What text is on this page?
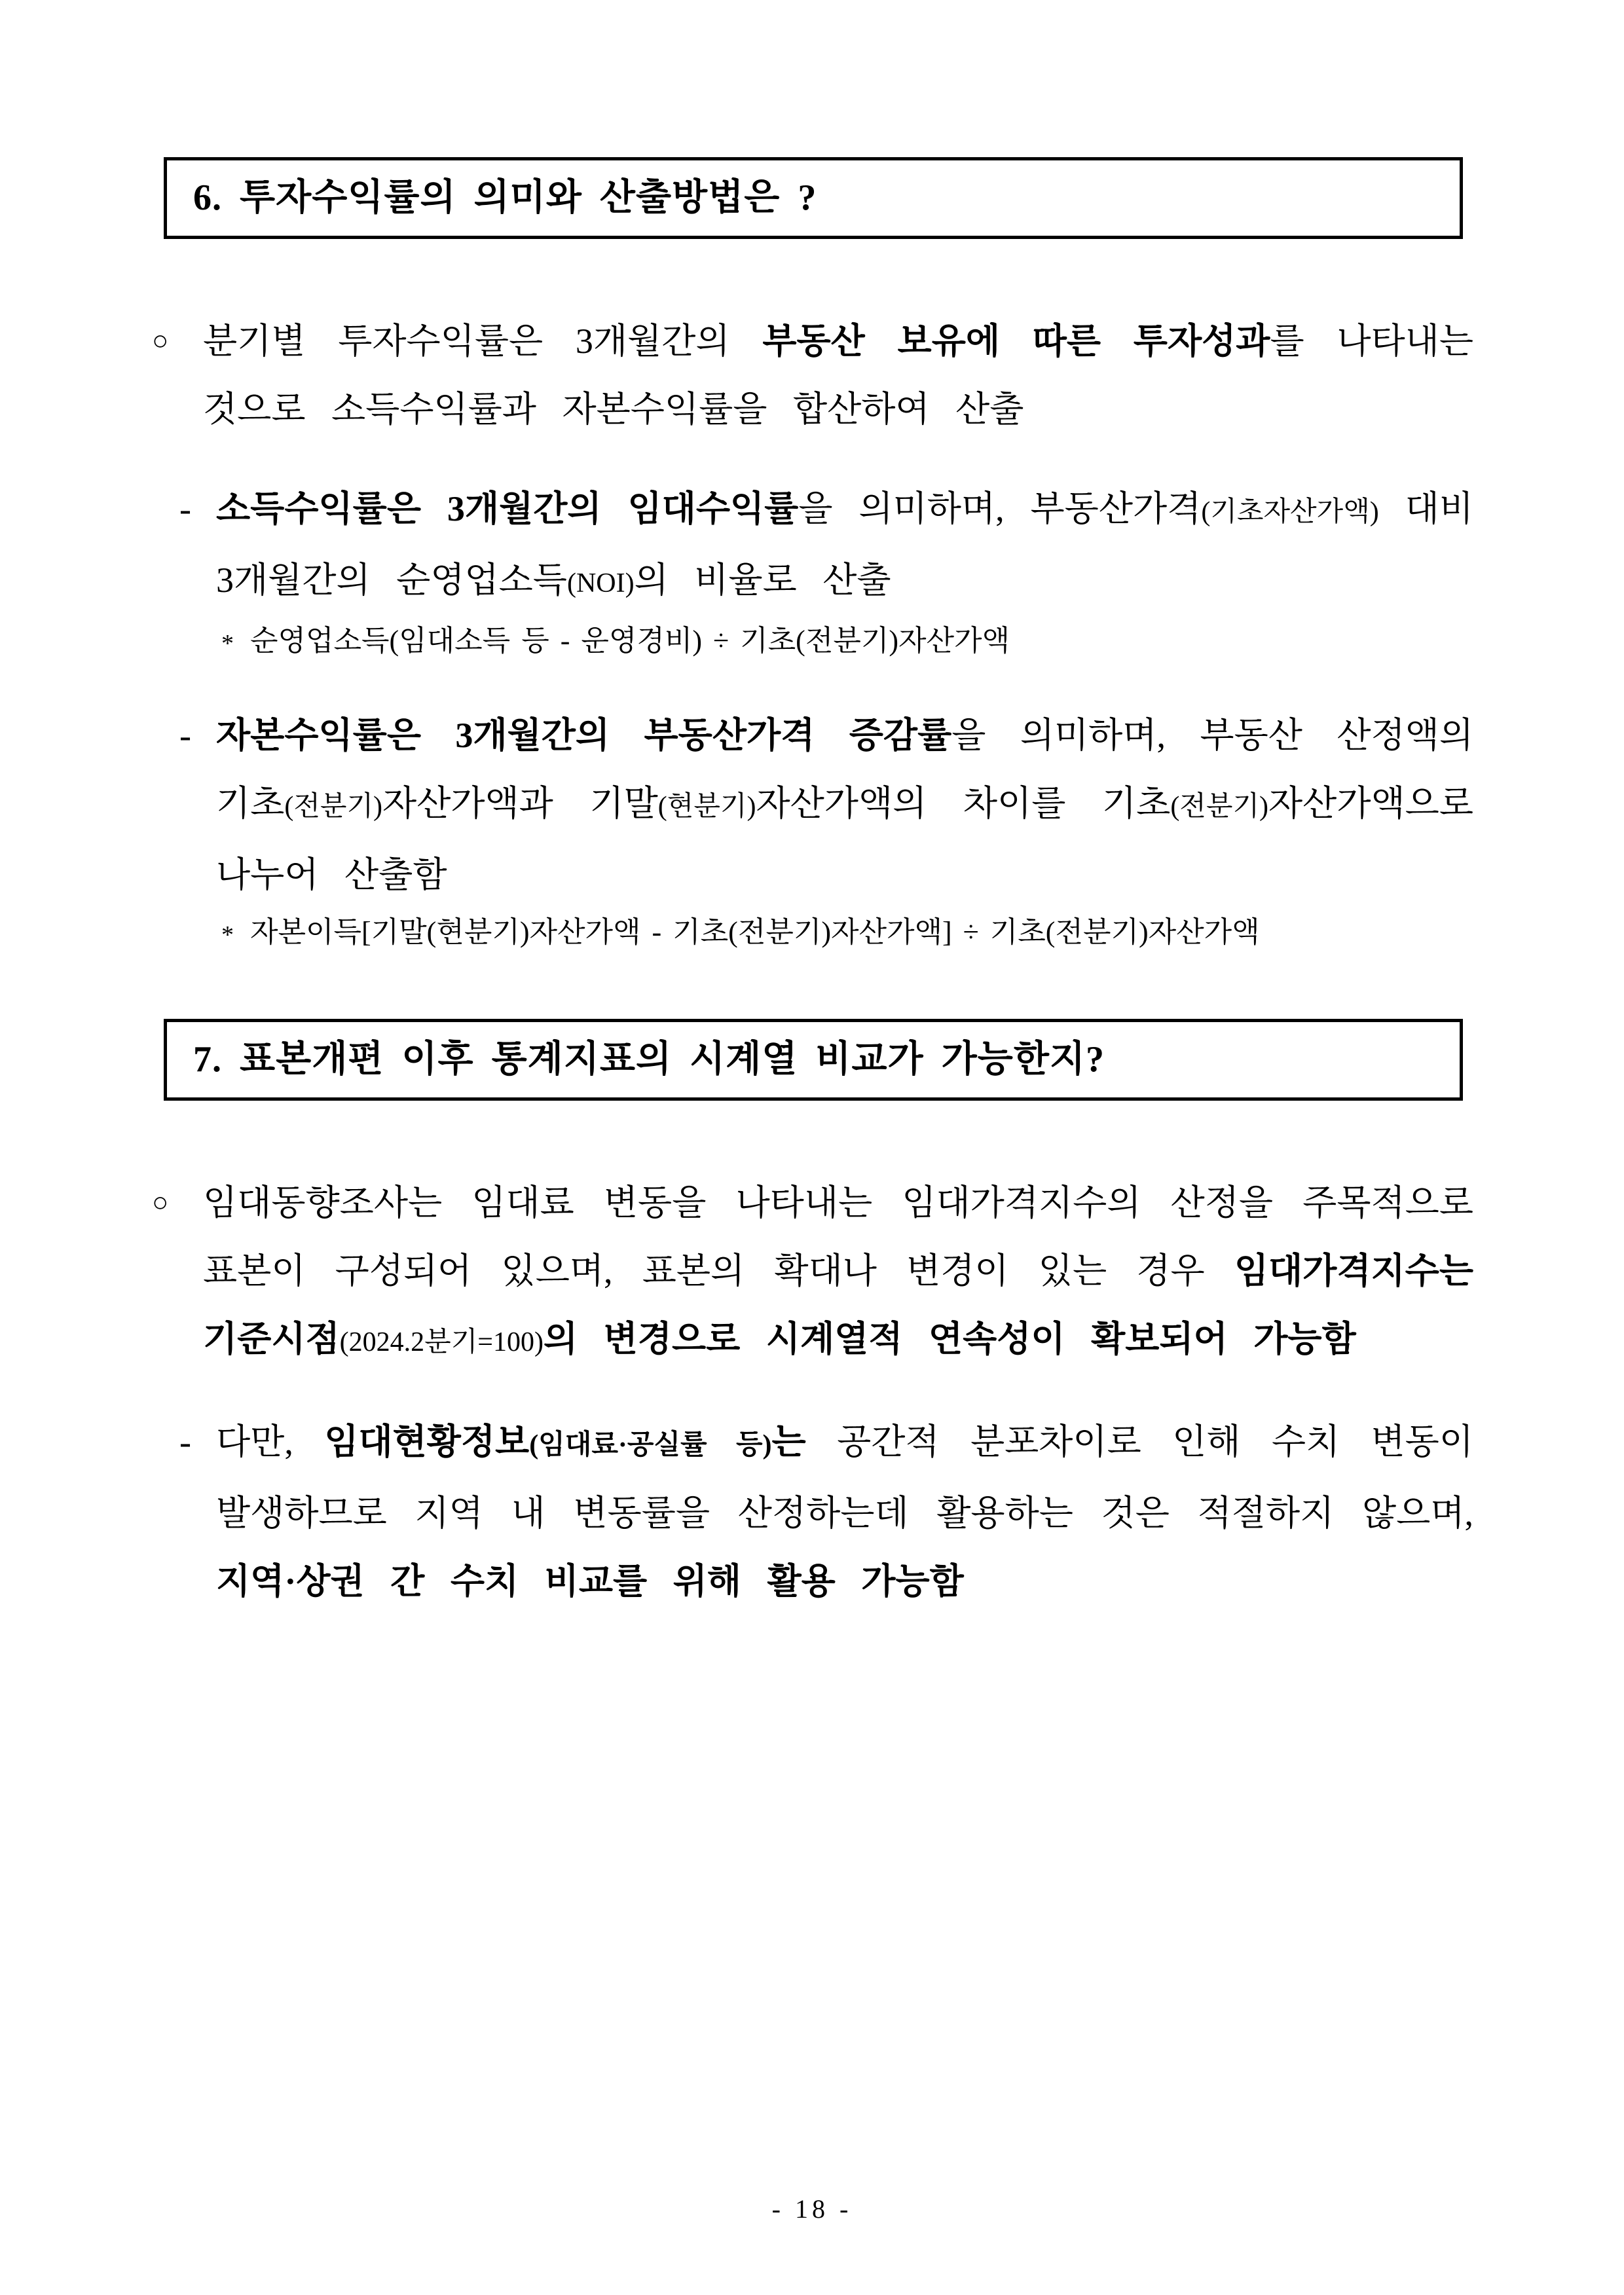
6. 투자수익률의 의미와 산출방법은 ?
○ 분기별 투자수익률은 3개월간의 부동산 보유에 따른 투자성과를 나타내는 것으로 소득수익률과 자본수익률을 합산하여 산출
- 소득수익률은 3개월간의 임대수익률을 의미하며, 부동산가격(기초자산가액) 대비 3개월간의 순영업소득(NOI)의 비율로 산출
* 순영업소득(임대소득 등 - 운영경비) ÷ 기초(전분기)자산가액
- 자본수익률은 3개월간의 부동산가격 증감률을 의미하며, 부동산 산정액의 기초(전분기)자산가액과 기말(현분기)자산가액의 차이를 기초(전분기)자산가액으로 나누어 산출함
* 자본이득[기말(현분기)자산가액 - 기초(전분기)자산가액] ÷ 기초(전분기)자산가액
7. 표본개편 이후 통계지표의 시계열 비교가 가능한지?
○ 임대동향조사는 임대료 변동을 나타내는 임대가격지수의 산정을 주목적으로 표본이 구성되어 있으며, 표본의 확대나 변경이 있는 경우 임대가격지수는 기준시점(2024.2분기=100)의 변경으로 시계열적 연속성이 확보되어 가능함
- 다만, 임대현황정보(임대료·공실률 등)는 공간적 분포차이로 인해 수치 변동이 발생하므로 지역 내 변동률을 산정하는데 활용하는 것은 적절하지 않으며, 지역·상권 간 수치 비교를 위해 활용 가능함
- 18 -
